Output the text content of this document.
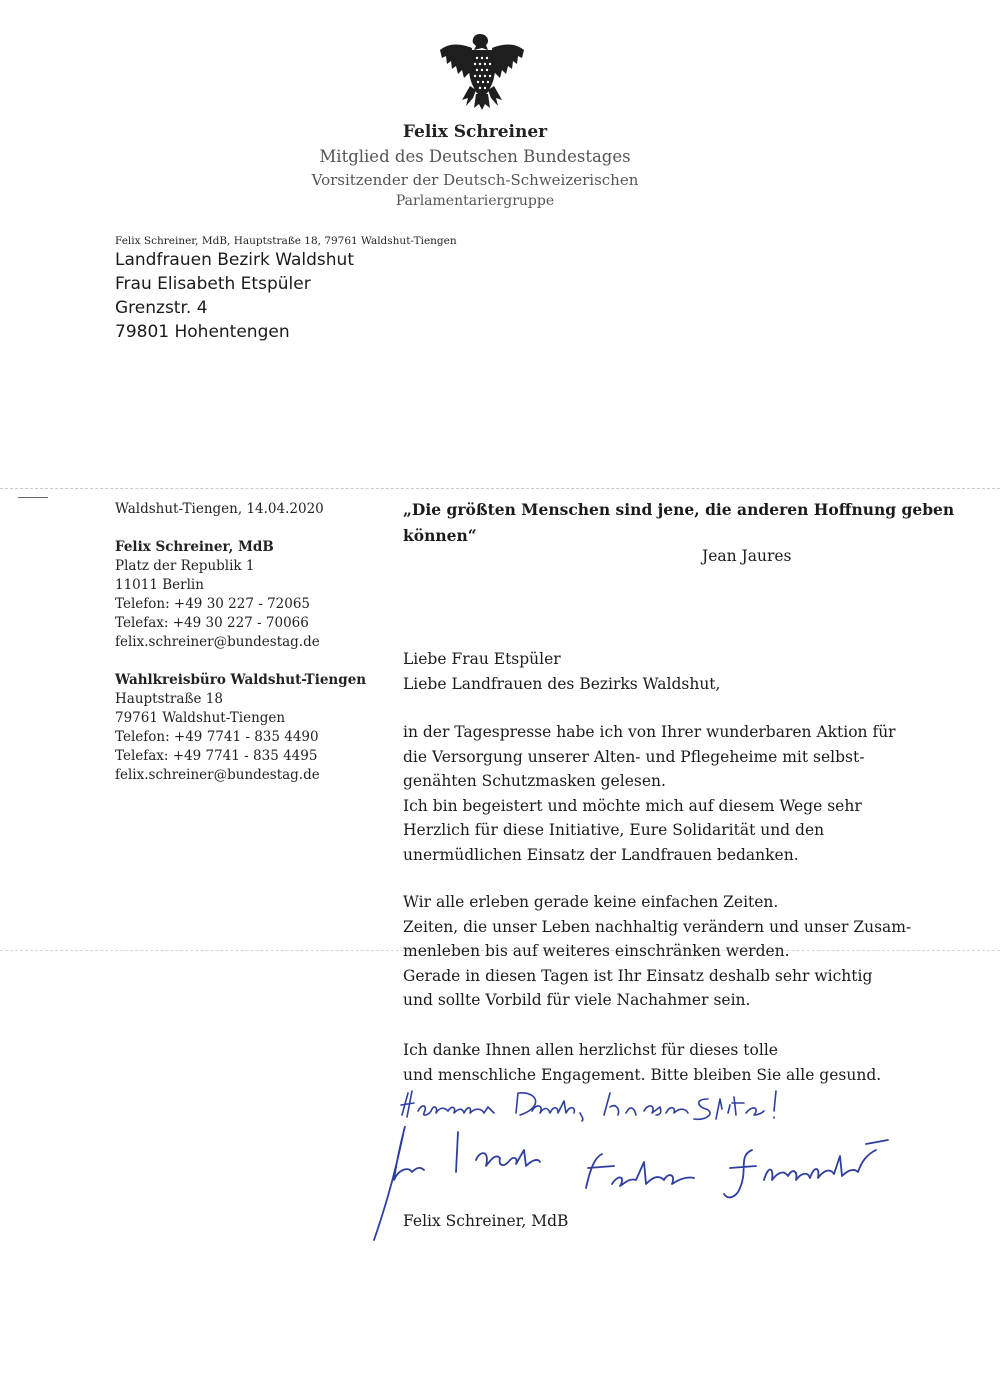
Felix Schreiner
Mitglied des Deutschen Bundestages
Vorsitzender der Deutsch-Schweizerischen
Parlamentariergruppe
Felix Schreiner, MdB, Hauptstraße 18, 79761 Waldshut-Tiengen
Landfrauen Bezirk Waldshut
Frau Elisabeth Etspüler
Grenzstr. 4
79801 Hohentengen
Waldshut-Tiengen, 14.04.2020
Felix Schreiner, MdB
Platz der Republik 1
11011 Berlin
Telefon: +49 30 227 - 72065
Telefax: +49 30 227 - 70066
felix.schreiner@bundestag.de
Wahlkreisbüro Waldshut-Tiengen
Hauptstraße 18
79761 Waldshut-Tiengen
Telefon: +49 7741 - 835 4490
Telefax: +49 7741 - 835 4495
felix.schreiner@bundestag.de
„Die größten Menschen sind jene, die anderen Hoffnung geben können“
Jean Jaures
Liebe Frau Etspüler
Liebe Landfrauen des Bezirks Waldshut,
in der Tagespresse habe ich von Ihrer wunderbaren Aktion für
die Versorgung unserer Alten- und Pflegeheime mit selbst-
genähten Schutzmasken gelesen.
Ich bin begeistert und möchte mich auf diesem Wege sehr
Herzlich für diese Initiative, Eure Solidarität und den
unermüdlichen Einsatz der Landfrauen bedanken.
Wir alle erleben gerade keine einfachen Zeiten.
Zeiten, die unser Leben nachhaltig verändern und unser Zusam-
menleben bis auf weiteres einschränken werden.
Gerade in diesen Tagen ist Ihr Einsatz deshalb sehr wichtig
und sollte Vorbild für viele Nachahmer sein.
Ich danke Ihnen allen herzlichst für dieses tolle
und menschliche Engagement. Bitte bleiben Sie alle gesund.
Felix Schreiner, MdB
